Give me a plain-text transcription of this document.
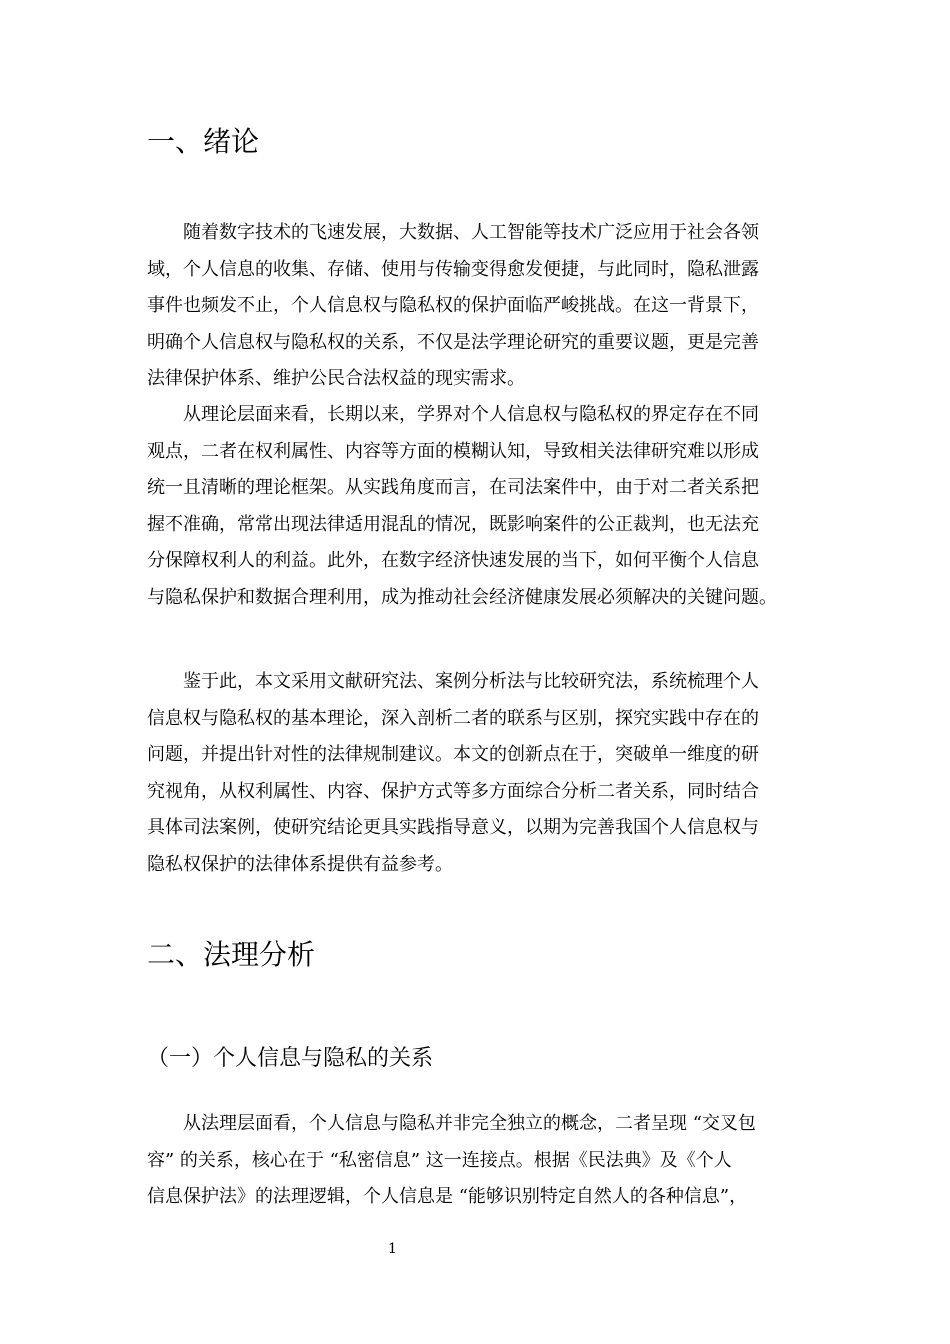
一、绪论
随着数字技术的飞速发展，大数据、人工智能等技术广泛应用于社会各领
域，个人信息的收集、存储、使用与传输变得愈发便捷，与此同时，隐私泄露
事件也频发不止，个人信息权与隐私权的保护面临严峻挑战。在这一背景下，
明确个人信息权与隐私权的关系，不仅是法学理论研究的重要议题，更是完善
法律保护体系、维护公民合法权益的现实需求。
从理论层面来看，长期以来，学界对个人信息权与隐私权的界定存在不同
观点，二者在权利属性、内容等方面的模糊认知，导致相关法律研究难以形成
统一且清晰的理论框架。从实践角度而言，在司法案件中，由于对二者关系把
握不准确，常常出现法律适用混乱的情况，既影响案件的公正裁判，也无法充
分保障权利人的利益。此外，在数字经济快速发展的当下，如何平衡个人信息
与隐私保护和数据合理利用，成为推动社会经济健康发展必须解决的关键问题。
鉴于此，本文采用文献研究法、案例分析法与比较研究法，系统梳理个人
信息权与隐私权的基本理论，深入剖析二者的联系与区别，探究实践中存在的
问题，并提出针对性的法律规制建议。本文的创新点在于，突破单一维度的研
究视角，从权利属性、内容、保护方式等多方面综合分析二者关系，同时结合
具体司法案例，使研究结论更具实践指导意义，以期为完善我国个人信息权与
隐私权保护的法律体系提供有益参考。
二、法理分析
（一）个人信息与隐私的关系
从法理层面看，个人信息与隐私并非完全独立的概念，二者呈现 “交叉包
容” 的关系，核心在于 “私密信息” 这一连接点。根据《民法典》及《个人
信息保护法》的法理逻辑，个人信息是 “能够识别特定自然人的各种信息”，
1
